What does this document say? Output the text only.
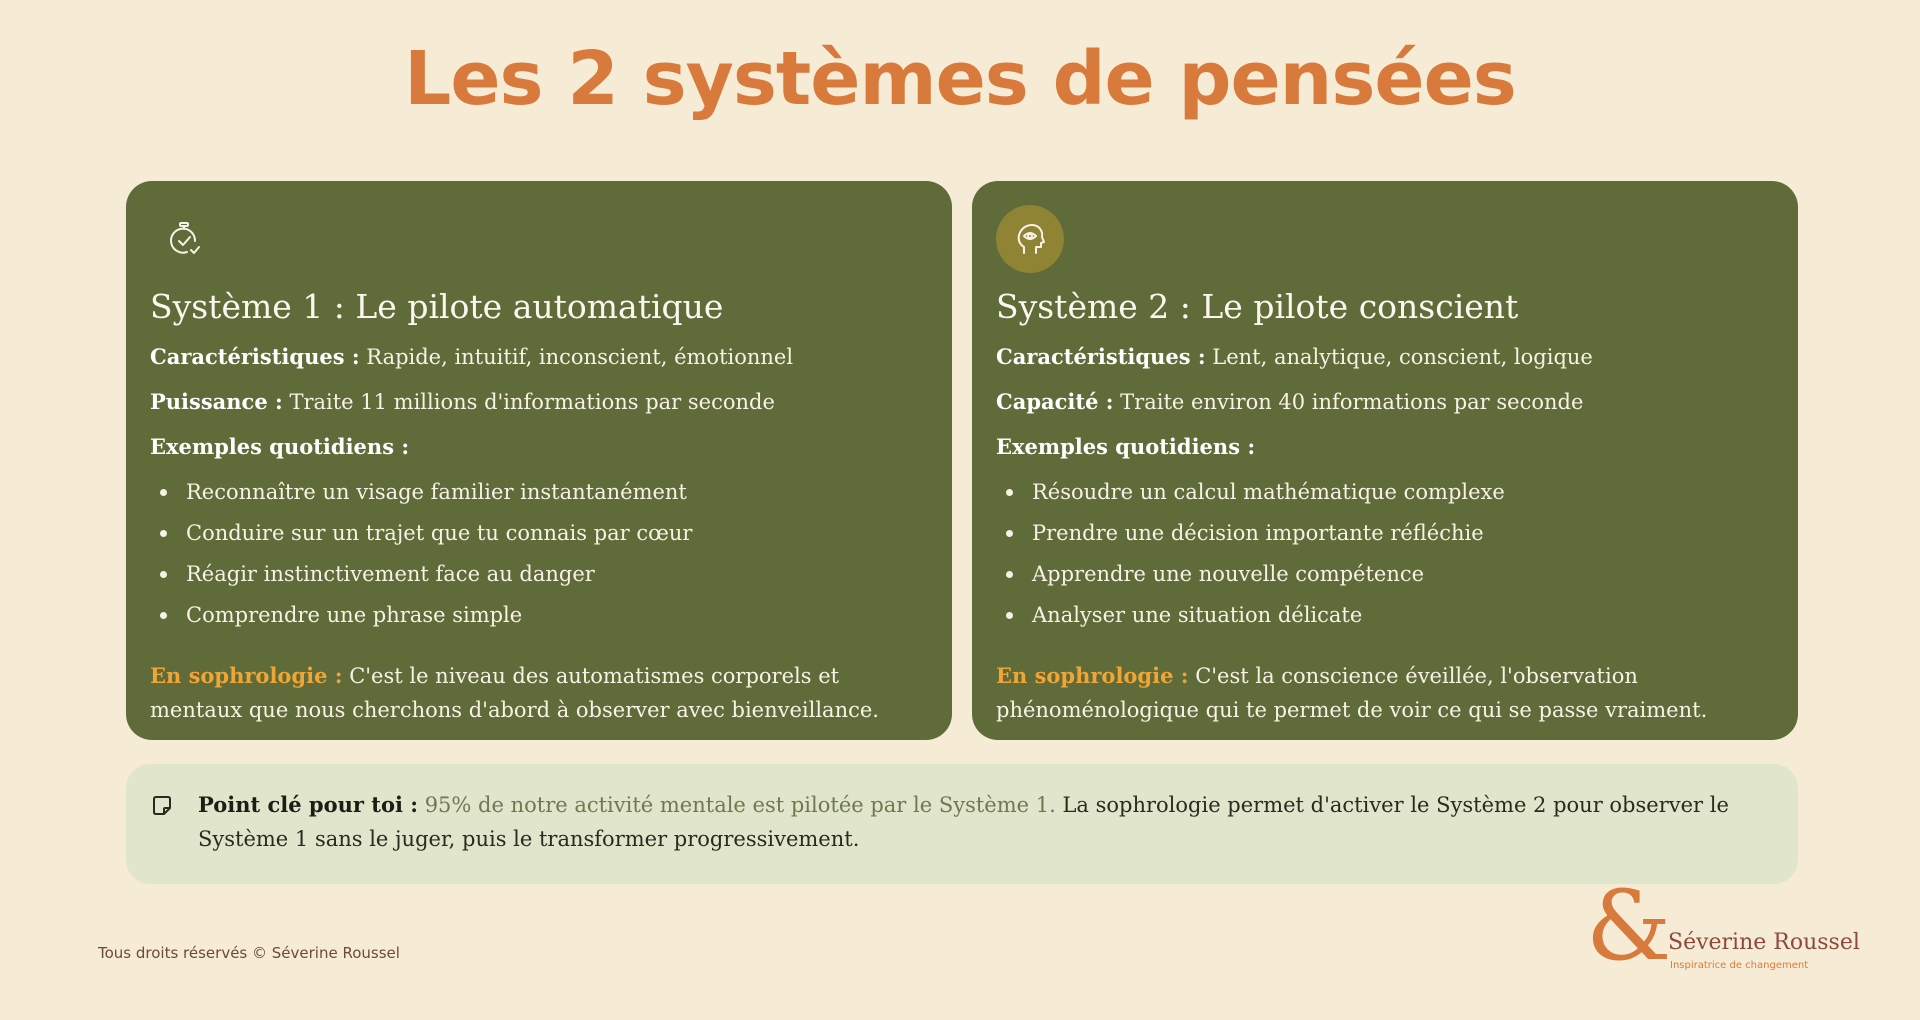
Les 2 systèmes de pensées
Système 1 : Le pilote automatique

Caractéristiques : Rapide, intuitif, inconscient, émotionnel

Puissance : Traite 11 millions d'informations par seconde

Exemples quotidiens :

Reconnaître un visage familier instantanément
Conduire sur un trajet que tu connais par cœur
Réagir instinctivement face au danger
Comprendre une phrase simple

En sophrologie : C'est le niveau des automatismes corporels et mentaux que nous cherchons d'abord à observer avec bienveillance.

Système 2 : Le pilote conscient

Caractéristiques : Lent, analytique, conscient, logique

Capacité : Traite environ 40 informations par seconde

Exemples quotidiens :

Résoudre un calcul mathématique complexe
Prendre une décision importante réfléchie
Apprendre une nouvelle compétence
Analyser une situation délicate

En sophrologie : C'est la conscience éveillée, l'observation phénoménologique qui te permet de voir ce qui se passe vraiment.

Point clé pour toi : 95% de notre activité mentale est pilotée par le Système 1. La sophrologie permet d'activer le Système 2 pour observer le Système 1 sans le juger, puis le transformer progressivement.

Tous droits réservés © Séverine Roussel	&

Séverine Roussel

Inspiratrice de changement
